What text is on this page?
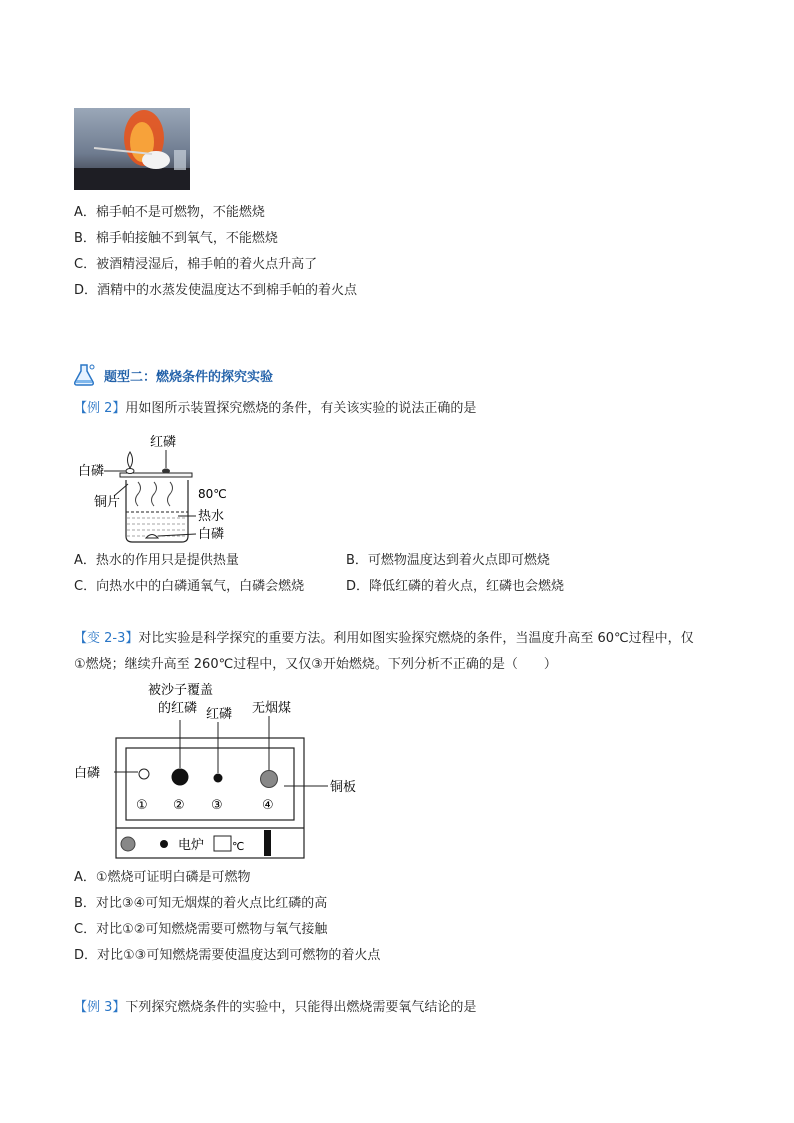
A．棉手帕不是可燃物，不能燃烧
B．棉手帕接触不到氧气，不能燃烧
C．被酒精浸湿后，棉手帕的着火点升高了
D．酒精中的水蒸发使温度达不到棉手帕的着火点
题型二：燃烧条件的探究实验
【例 2】用如图所示装置探究燃烧的条件，有关该实验的说法正确的是
红磷
白磷
铜片
80℃
热水
白磷
A．热水的作用只是提供热量	B．可燃物温度达到着火点即可燃烧
C．向热水中的白磷通氧气，白磷会燃烧	D．降低红磷的着火点，红磷也会燃烧
【变 2-3】对比实验是科学探究的重要方法。利用如图实验探究燃烧的条件，当温度升高至 60℃过程中，仅
①燃烧；继续升高至 260℃过程中，又仅③开始燃烧。下列分析不正确的是（　　）
① ② ③	④
电炉	℃
被沙子覆盖
的红磷 红磷 无烟煤
白磷
铜板
A．①燃烧可证明白磷是可燃物
B．对比③④可知无烟煤的着火点比红磷的高
C．对比①②可知燃烧需要可燃物与氧气接触
D．对比①③可知燃烧需要使温度达到可燃物的着火点
【例 3】下列探究燃烧条件的实验中，只能得出燃烧需要氧气结论的是
